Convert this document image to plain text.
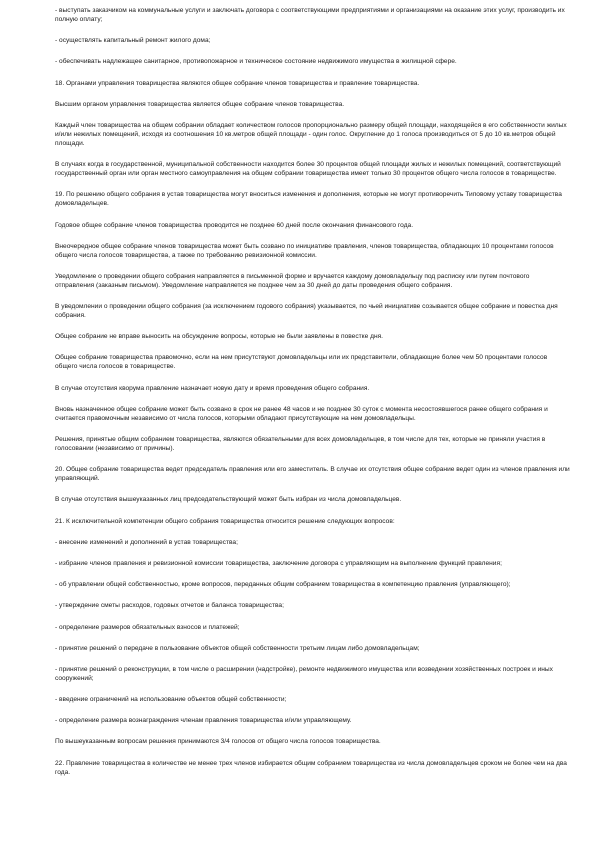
- выступать заказчиком на коммунальные услуги и заключать договора с соответствующими предприятиями и организациями на оказание этих услуг, производить их полную оплату;

- осуществлять капитальный ремонт жилого дома;

- обеспечивать надлежащее санитарное, противопожарное и техническое состояние недвижимого имущества в жилищной сфере.

18. Органами управления товарищества являются общее собрание членов товарищества и правление товарищества.

Высшим органом управления товарищества является общее собрание членов товарищества.

Каждый член товарищества на общем собрании обладает количеством голосов пропорционально размеру общей площади, находящейся в его собственности жилых и/или нежилых помещений, исходя из соотношения 10 кв.метров общей площади - один голос. Округление до 1 голоса производиться от 5 до 10 кв.метров общей площади.

В случаях когда в государственной, муниципальной собственности находится более 30 процентов общей площади жилых и нежилых помещений, соответствующий государственный орган или орган местного самоуправления на общем собрании товарищества имеет только 30 процентов общего числа голосов в товариществе.

19. По решению общего собрания в устав товарищества могут вноситься изменения и дополнения, которые не могут противоречить Типовому уставу товарищества домовладельцев.

Годовое общее собрание членов товарищества проводится не позднее 60 дней после окончания финансового года.

Внеочередное общее собрание членов товарищества может быть созвано по инициативе правления, членов товарищества, обладающих 10 процентами голосов общего числа голосов товарищества, а также по требованию ревизионной комиссии.

Уведомление о проведении общего собрания направляется в письменной форме и вручается каждому домовладельцу под расписку или путем почтового отправления (заказным письмом). Уведомление направляется не позднее чем за 30 дней до даты проведения общего собрания.

В уведомлении о проведении общего собрания (за исключением годового собрания) указывается, по чьей инициативе созывается общее собрание и повестка дня собрания.

Общее собрание не вправе выносить на обсуждение вопросы, которые не были заявлены в повестке дня.

Общее собрание товарищества правомочно, если на нем присутствуют домовладельцы или их представители, обладающие более чем 50 процентами голосов общего числа голосов в товариществе.

В случае отсутствия кворума правление назначает новую дату и время проведения общего собрания.

Вновь назначенное общее собрание может быть созвано в срок не ранее 48 часов и не позднее 30 суток с момента несостоявшегося ранее общего собрания и считается правомочным независимо от числа голосов, которыми обладают присутствующие на нем домовладельцы.

Решения, принятые общим собранием товарищества, являются обязательными для всех домовладельцев, в том числе для тех, которые не приняли участия в голосовании (независимо от причины).

20. Общее собрание товарищества ведет председатель правления или его заместитель. В случае их отсутствия общее собрание ведет один из членов правления или управляющий.

В случае отсутствия вышеуказанных лиц председательствующий может быть избран из числа домовладельцев.

21. К исключительной компетенции общего собрания товарищества относится решение следующих вопросов:

- внесение изменений и дополнений в устав товарищества;

- избрание членов правления и ревизионной комиссии товарищества, заключение договора с управляющим на выполнение функций правления;

- об управлении общей собственностью, кроме вопросов, переданных общим собранием товарищества в компетенцию правления (управляющего);

- утверждение сметы расходов, годовых отчетов и баланса товарищества;

- определение размеров обязательных взносов и платежей;

- принятие решений о передаче в пользование объектов общей собственности третьим лицам либо домовладельцам;

- принятие решений о реконструкции, в том числе о расширении (надстройке), ремонте недвижимого имущества или возведении хозяйственных построек и иных сооружений;

- введение ограничений на использование объектов общей собственности;

- определение размера вознаграждения членам правления товарищества и/или управляющему.

По вышеуказанным вопросам решения принимаются 3/4 голосов от общего числа голосов товарищества.

22. Правление товарищества в количестве не менее трех членов избирается общим собранием товарищества из числа домовладельцев сроком не более чем на два года.
